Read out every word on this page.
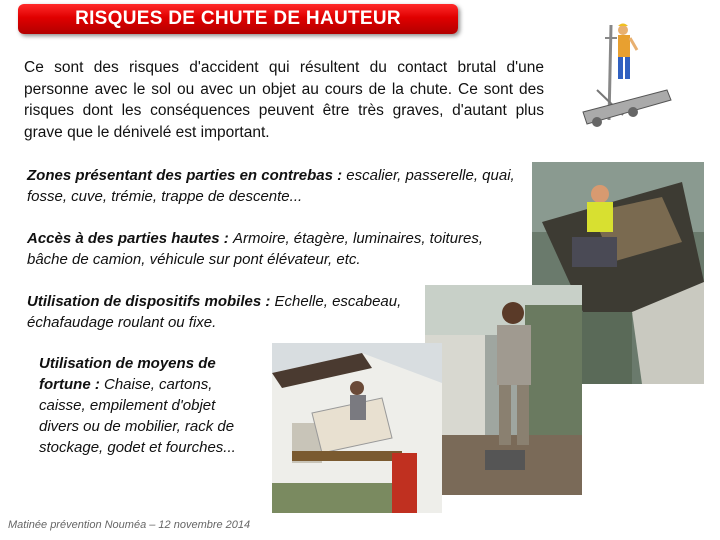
RISQUES DE CHUTE DE HAUTEUR
Ce sont des risques d'accident qui résultent du contact brutal d'une personne avec le sol ou avec un objet au cours de la chute. Ce sont des risques dont les conséquences peuvent être très graves, d'autant plus grave que le dénivelé est important.
Zones présentant des parties en contrebas : escalier, passerelle, quai, fosse, cuve, trémie, trappe de descente...
Accès à des parties hautes : Armoire, étagère, luminaires, toitures, bâche de camion, véhicule sur pont élévateur, etc.
Utilisation de dispositifs mobiles : Echelle, escabeau, échafaudage roulant ou fixe.
Utilisation de moyens de fortune : Chaise, cartons, caisse, empilement d'objet divers ou de mobilier, rack de stockage, godet et fourches...
Matinée prévention Nouméa – 12 novembre 2014
